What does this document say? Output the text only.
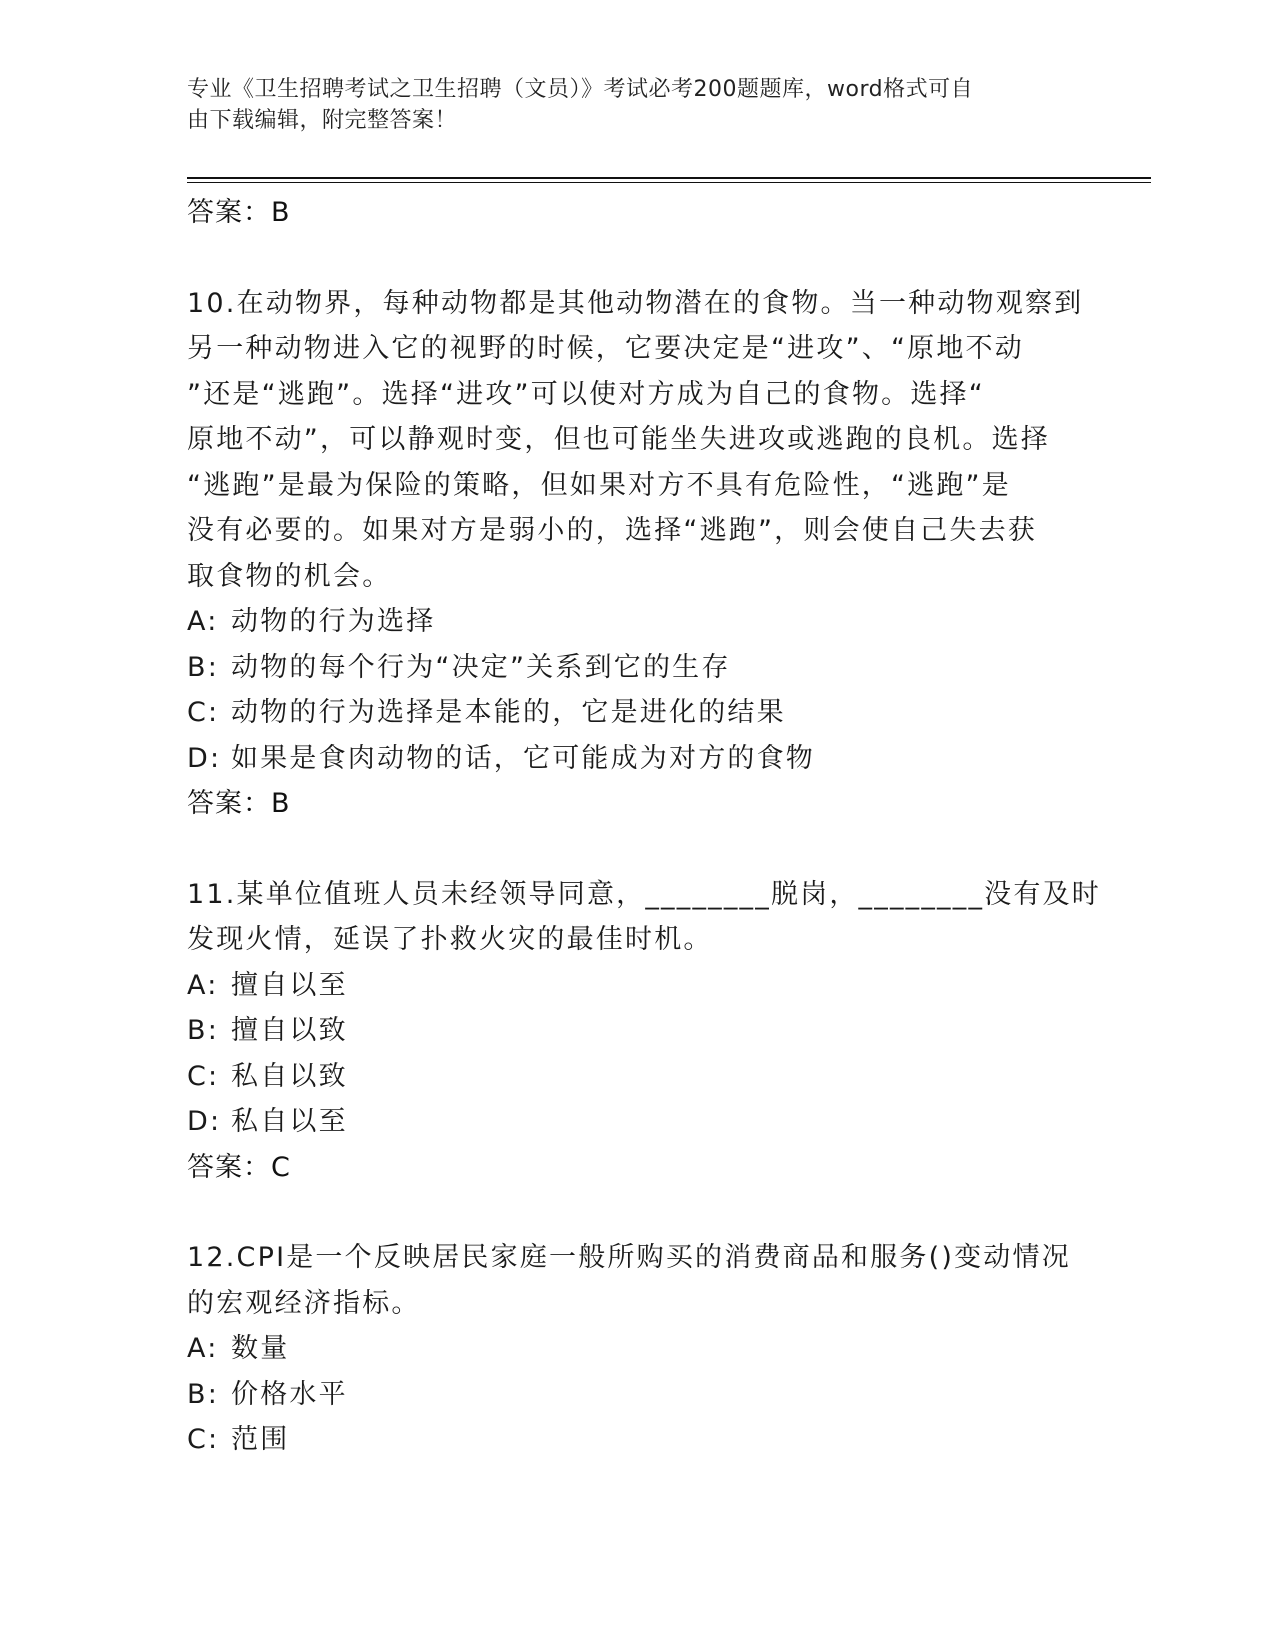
专业《卫生招聘考试之卫生招聘（文员）》考试必考200题题库，word格式可自
由下载编辑，附完整答案！
答案：B
10.在动物界，每种动物都是其他动物潜在的食物。当一种动物观察到
另一种动物进入它的视野的时候，它要决定是“进攻”、“原地不动
”还是“逃跑”。选择“进攻”可以使对方成为自己的食物。选择“
原地不动”，可以静观时变，但也可能坐失进攻或逃跑的良机。选择
“逃跑”是最为保险的策略，但如果对方不具有危险性，“逃跑”是
没有必要的。如果对方是弱小的，选择“逃跑”，则会使自己失去获
取食物的机会。
A: 动物的行为选择
B: 动物的每个行为“决定”关系到它的生存
C: 动物的行为选择是本能的，它是进化的结果
D: 如果是食肉动物的话，它可能成为对方的食物
答案：B
11.某单位值班人员未经领导同意，________脱岗，________没有及时
发现火情，延误了扑救火灾的最佳时机。
A: 擅自以至
B: 擅自以致
C: 私自以致
D: 私自以至
答案：C
12.CPI是一个反映居民家庭一般所购买的消费商品和服务()变动情况
的宏观经济指标。
A: 数量
B: 价格水平
C: 范围
